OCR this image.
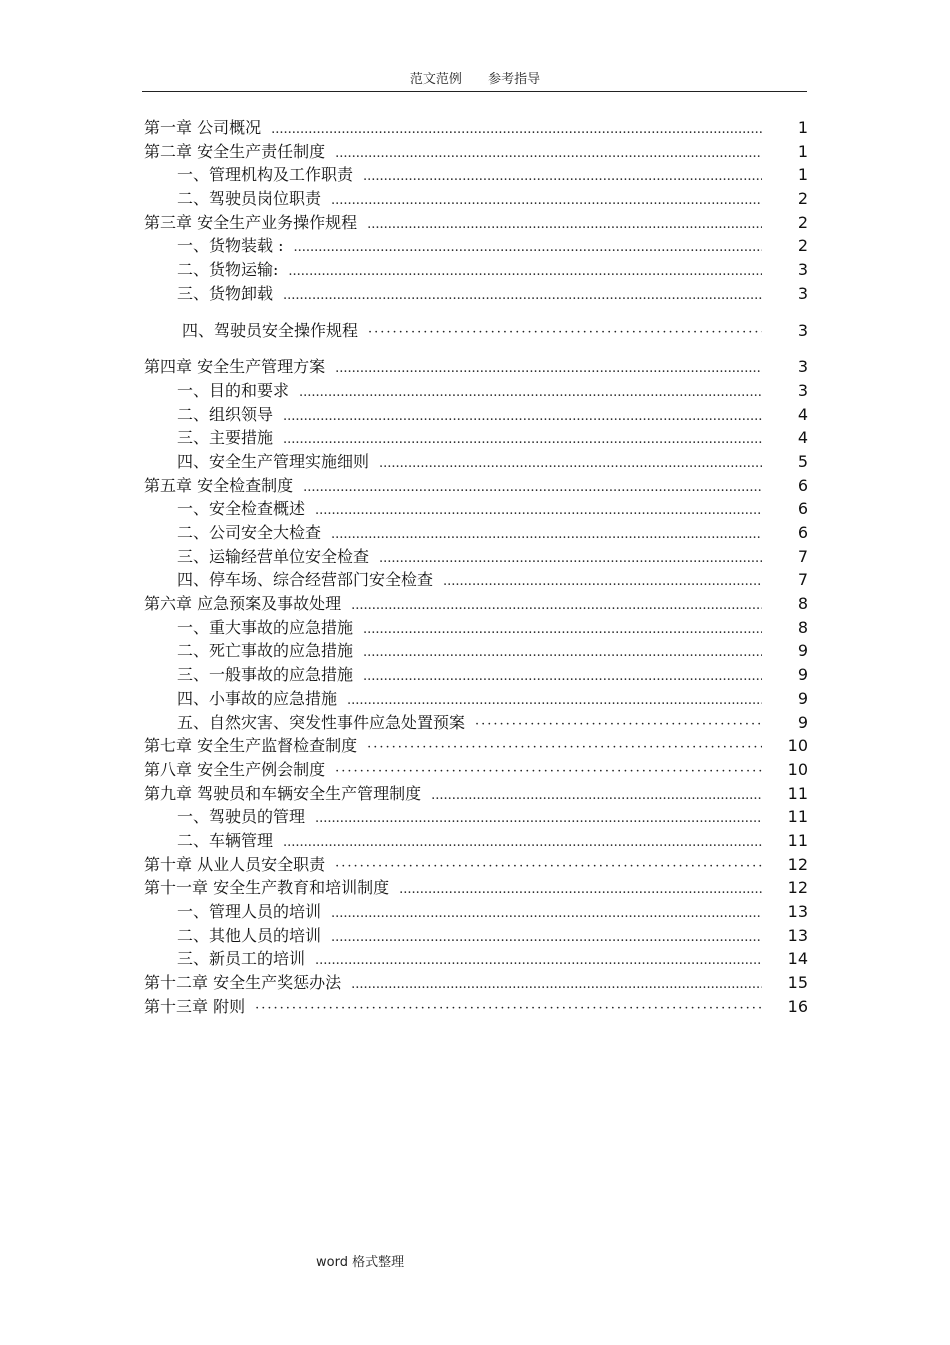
范文范例 参考指导
第一章 公司概况 .....	1
第二章 安全生产责任制度 .....	1
一、管理机构及工作职责 .....	1
二、驾驶员岗位职责 .....	2
第三章 安全生产业务操作规程 .....	2
一、货物装载 : .....	2
二、货物运输: .....	3
三、货物卸载 .....	3
四、驾驶员安全操作规程 ·····	3
第四章 安全生产管理方案 .....	3
一、目的和要求 .....	3
二、组织领导 .....	4
三、主要措施 .....	4
四、安全生产管理实施细则 .....	5
第五章 安全检查制度 .....	6
一、安全检查概述 .....	6
二、公司安全大检查 .....	6
三、运输经营单位安全检查 .....	7
四、停车场、综合经营部门安全检查 .....	7
第六章 应急预案及事故处理 .....	8
一、重大事故的应急措施 .....	8
二、死亡事故的应急措施 .....	9
三、一般事故的应急措施 .....	9
四、小事故的应急措施 .....	9
五、自然灾害、突发性事件应急处置预案 ·····	9
第七章 安全生产监督检查制度 ·····	10
第八章 安全生产例会制度 ·····	10
第九章 驾驶员和车辆安全生产管理制度 .....	11
一、驾驶员的管理 .....	11
二、车辆管理 .....	11
第十章 从业人员安全职责 ·····	12
第十一章 安全生产教育和培训制度 .....	12
一、管理人员的培训 .....	13
二、其他人员的培训 .....	13
三、新员工的培训 .....	14
第十二章 安全生产奖惩办法 .....	15
第十三章 附则 ·····	16
word 格式整理
